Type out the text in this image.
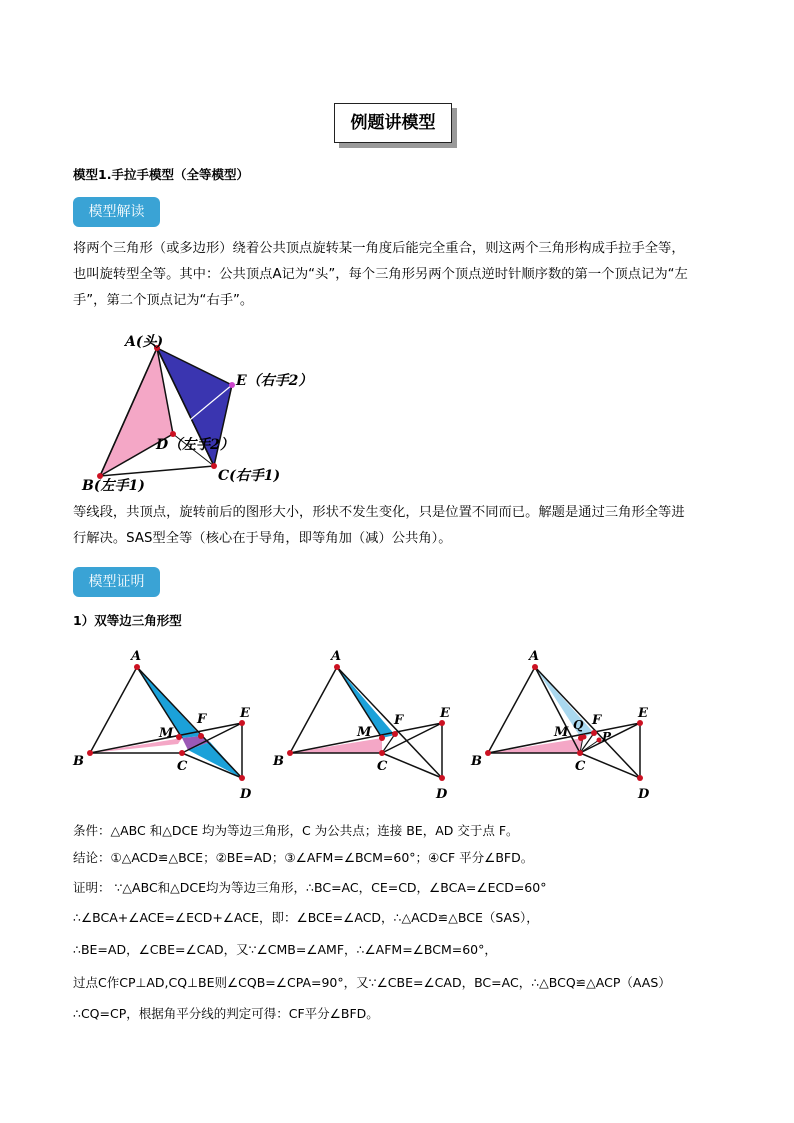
例题讲模型
模型1.手拉手模型（全等模型）
模型解读
将两个三角形（或多边形）绕着公共顶点旋转某一角度后能完全重合，则这两个三角形构成手拉手全等，
也叫旋转型全等。其中：公共顶点A记为“头”，每个三角形另两个顶点逆时针顺序数的第一个顶点记为“左
手”，第二个顶点记为“右手”。
A(头)
E（右手2）
D（左手2）
C(右手1)
B(左手1)
等线段，共顶点，旋转前后的图形大小，形状不发生变化，只是位置不同而已。解题是通过三角形全等进
行解决。SAS型全等（核心在于导角，即等角加（减）公共角）。
模型证明
1）双等边三角形型
A
B	C
D
E
F
M
A
B	C
D
E
F
M
A
B	C
D
E
F
M Q
P
条件：△ABC 和△DCE 均为等边三角形，C 为公共点；连接 BE，AD 交于点 F。
结论：①△ACD≌△BCE；②BE=AD；③∠AFM=∠BCM=60°；④CF 平分∠BFD。
证明： ∵△ABC和△DCE均为等边三角形，∴BC=AC，CE=CD，∠BCA=∠ECD=60°
∴∠BCA+∠ACE=∠ECD+∠ACE，即：∠BCE=∠ACD，∴△ACD≌△BCE（SAS），
∴BE=AD，∠CBE=∠CAD，又∵∠CMB=∠AMF，∴∠AFM=∠BCM=60°，
过点C作CP⊥AD,CQ⊥BE则∠CQB=∠CPA=90°，又∵∠CBE=∠CAD，BC=AC，∴△BCQ≌△ACP（AAS）
∴CQ=CP，根据角平分线的判定可得：CF平分∠BFD。
